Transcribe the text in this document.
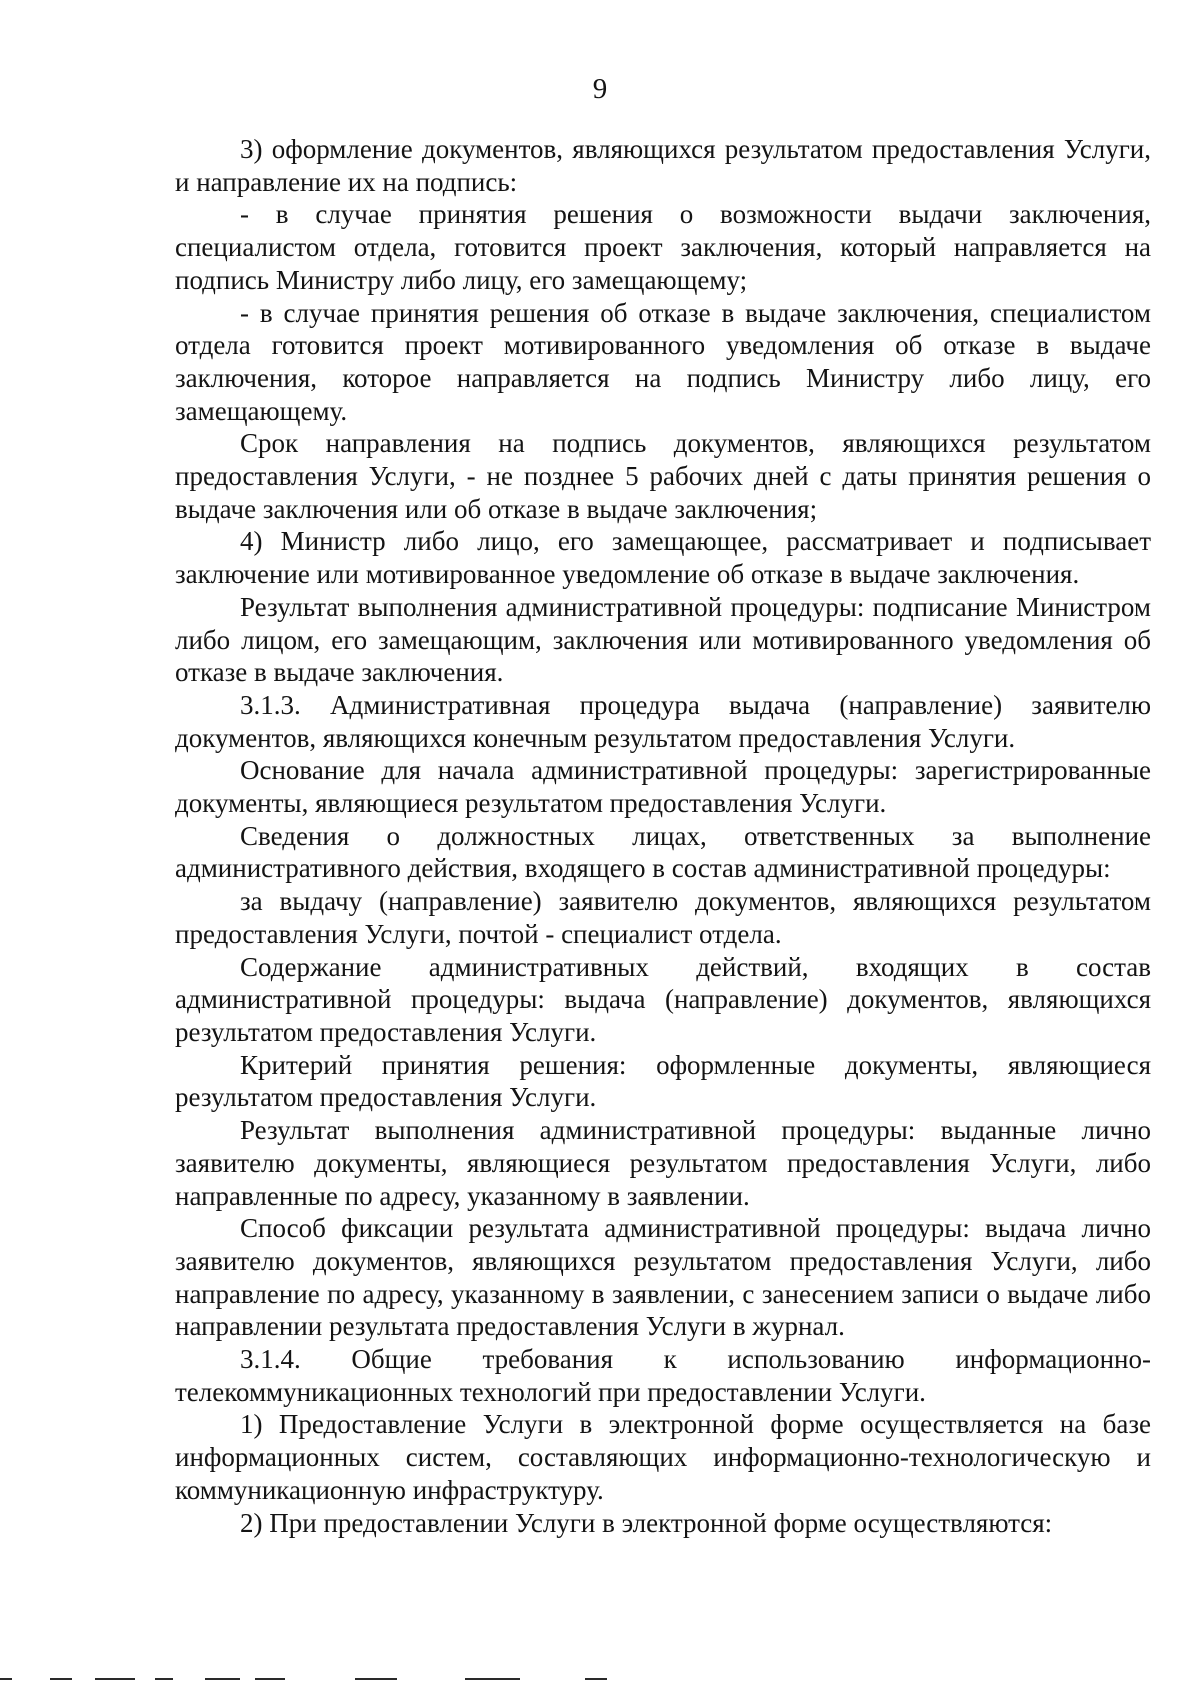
9

3) оформление документов, являющихся результатом предоставления Услуги, и направление их на подпись:

- в случае принятия решения о возможности выдачи заключения, специалистом отдела, готовится проект заключения, который направляется на подпись Министру либо лицу, его замещающему;

- в случае принятия решения об отказе в выдаче заключения, специалистом отдела готовится проект мотивированного уведомления об отказе в выдаче заключения, которое направляется на подпись Министру либо лицу, его замещающему.

Срок направления на подпись документов, являющихся результатом предоставления Услуги, - не позднее 5 рабочих дней с даты принятия решения о выдаче заключения или об отказе в выдаче заключения;

4) Министр либо лицо, его замещающее, рассматривает и подписывает заключение или мотивированное уведомление об отказе в выдаче заключения.

Результат выполнения административной процедуры: подписание Министром либо лицом, его замещающим, заключения или мотивированного уведомления об отказе в выдаче заключения.

3.1.3. Административная процедура выдача (направление) заявителю документов, являющихся конечным результатом предоставления Услуги.

Основание для начала административной процедуры: зарегистрированные документы, являющиеся результатом предоставления Услуги.

Сведения о должностных лицах, ответственных за выполнение административного действия, входящего в состав административной процедуры:

за выдачу (направление) заявителю документов, являющихся результатом предоставления Услуги, почтой - специалист отдела.

Содержание административных действий, входящих в состав административной процедуры: выдача (направление) документов, являющихся результатом предоставления Услуги.

Критерий принятия решения: оформленные документы, являющиеся результатом предоставления Услуги.

Результат выполнения административной процедуры: выданные лично заявителю документы, являющиеся результатом предоставления Услуги, либо направленные по адресу, указанному в заявлении.

Способ фиксации результата административной процедуры: выдача лично заявителю документов, являющихся результатом предоставления Услуги, либо направление по адресу, указанному в заявлении, с занесением записи о выдаче либо направлении результата предоставления Услуги в журнал.

3.1.4. Общие требования к использованию информационно-телекоммуникационных технологий при предоставлении Услуги.

1) Предоставление Услуги в электронной форме осуществляется на базе информационных систем, составляющих информационно-технологическую и коммуникационную инфраструктуру.

2) При предоставлении Услуги в электронной форме осуществляются:
